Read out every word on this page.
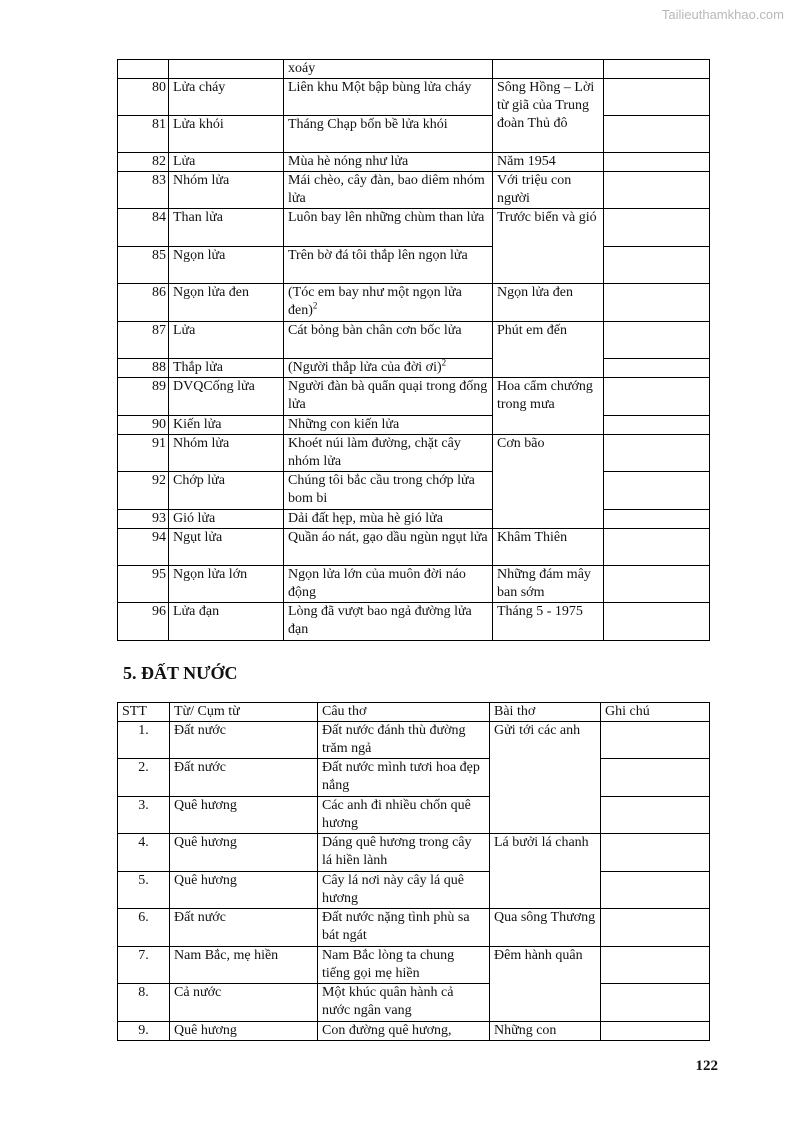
Tailieuthamkhao.com
		xoáy		
80	Lửa cháy	Liên khu Một bập bùng lửa cháy	Sông Hồng – Lời từ giã của Trung đoàn Thủ đô	
81	Lửa khói	Tháng Chạp bốn bề lửa khói		
82	Lửa	Mùa hè nóng như lửa	Năm 1954	
83	Nhóm lửa	Mái chèo, cây đàn, bao diêm nhóm lửa	Với triệu con người	
84	Than lửa	Luôn bay lên những chùm than lửa	Trước biển và gió	
85	Ngọn lửa	Trên bờ đá tôi thắp lên ngọn lửa		
86	Ngọn lửa đen	(Tóc em bay như một ngọn lửa đen)$^2$	Ngọn lửa đen	
87	Lửa	Cát bỏng bàn chân cơn bốc lửa	Phút em đến	
88	Thắp lửa	(Người thắp lửa của đời ơi)$^2$	
89	DVQCống lửa	Người đàn bà quẩn quại trong đống lửa	Hoa cẩm chướng trong mưa	
90	Kiến lửa	Những con kiến lửa		
91	Nhóm lửa	Khoét núi làm đường, chặt cây nhóm lửa	Cơn bão	
92	Chớp lửa	Chúng tôi bắc cầu trong chớp lửa bom bi		
93	Gió lửa	Dải đất hẹp, mùa hè gió lửa		
94	Ngụt lửa	Quần áo nát, gạo dầu ngùn ngụt lửa	Khâm Thiên	
95	Ngọn lửa lớn	Ngọn lửa lớn của muôn đời náo động	Những đám mây ban sớm	
96	Lửa đạn	Lòng đã vượt bao ngả đường lửa đạn	Tháng 5 - 1975	
5. ĐẤT NƯỚC
STT	Từ/ Cụm từ	Câu thơ	Bài thơ	Ghi chú
1.	Đất nước	Đất nước đánh thù đường trăm ngả	Gửi tới các anh	
2.	Đất nước	Đất nước mình tươi hoa đẹp nắng		
3.	Quê hương	Các anh đi nhiều chốn quê hương		
4.	Quê hương	Dáng quê hương trong cây lá hiền lành	Lá bưởi lá chanh	
5.	Quê hương	Cây lá nơi này cây lá quê hương		
6.	Đất nước	Đất nước nặng tình phù sa bát ngát	Qua sông Thương	
7.	Nam Bắc, mẹ hiền	Nam Bắc lòng ta chung tiếng gọi mẹ hiền	Đêm hành quân	
8.	Cả nước	Một khúc quân hành cả nước ngân vang		
9.	Quê hương	Con đường quê hương,	Những con	
122
